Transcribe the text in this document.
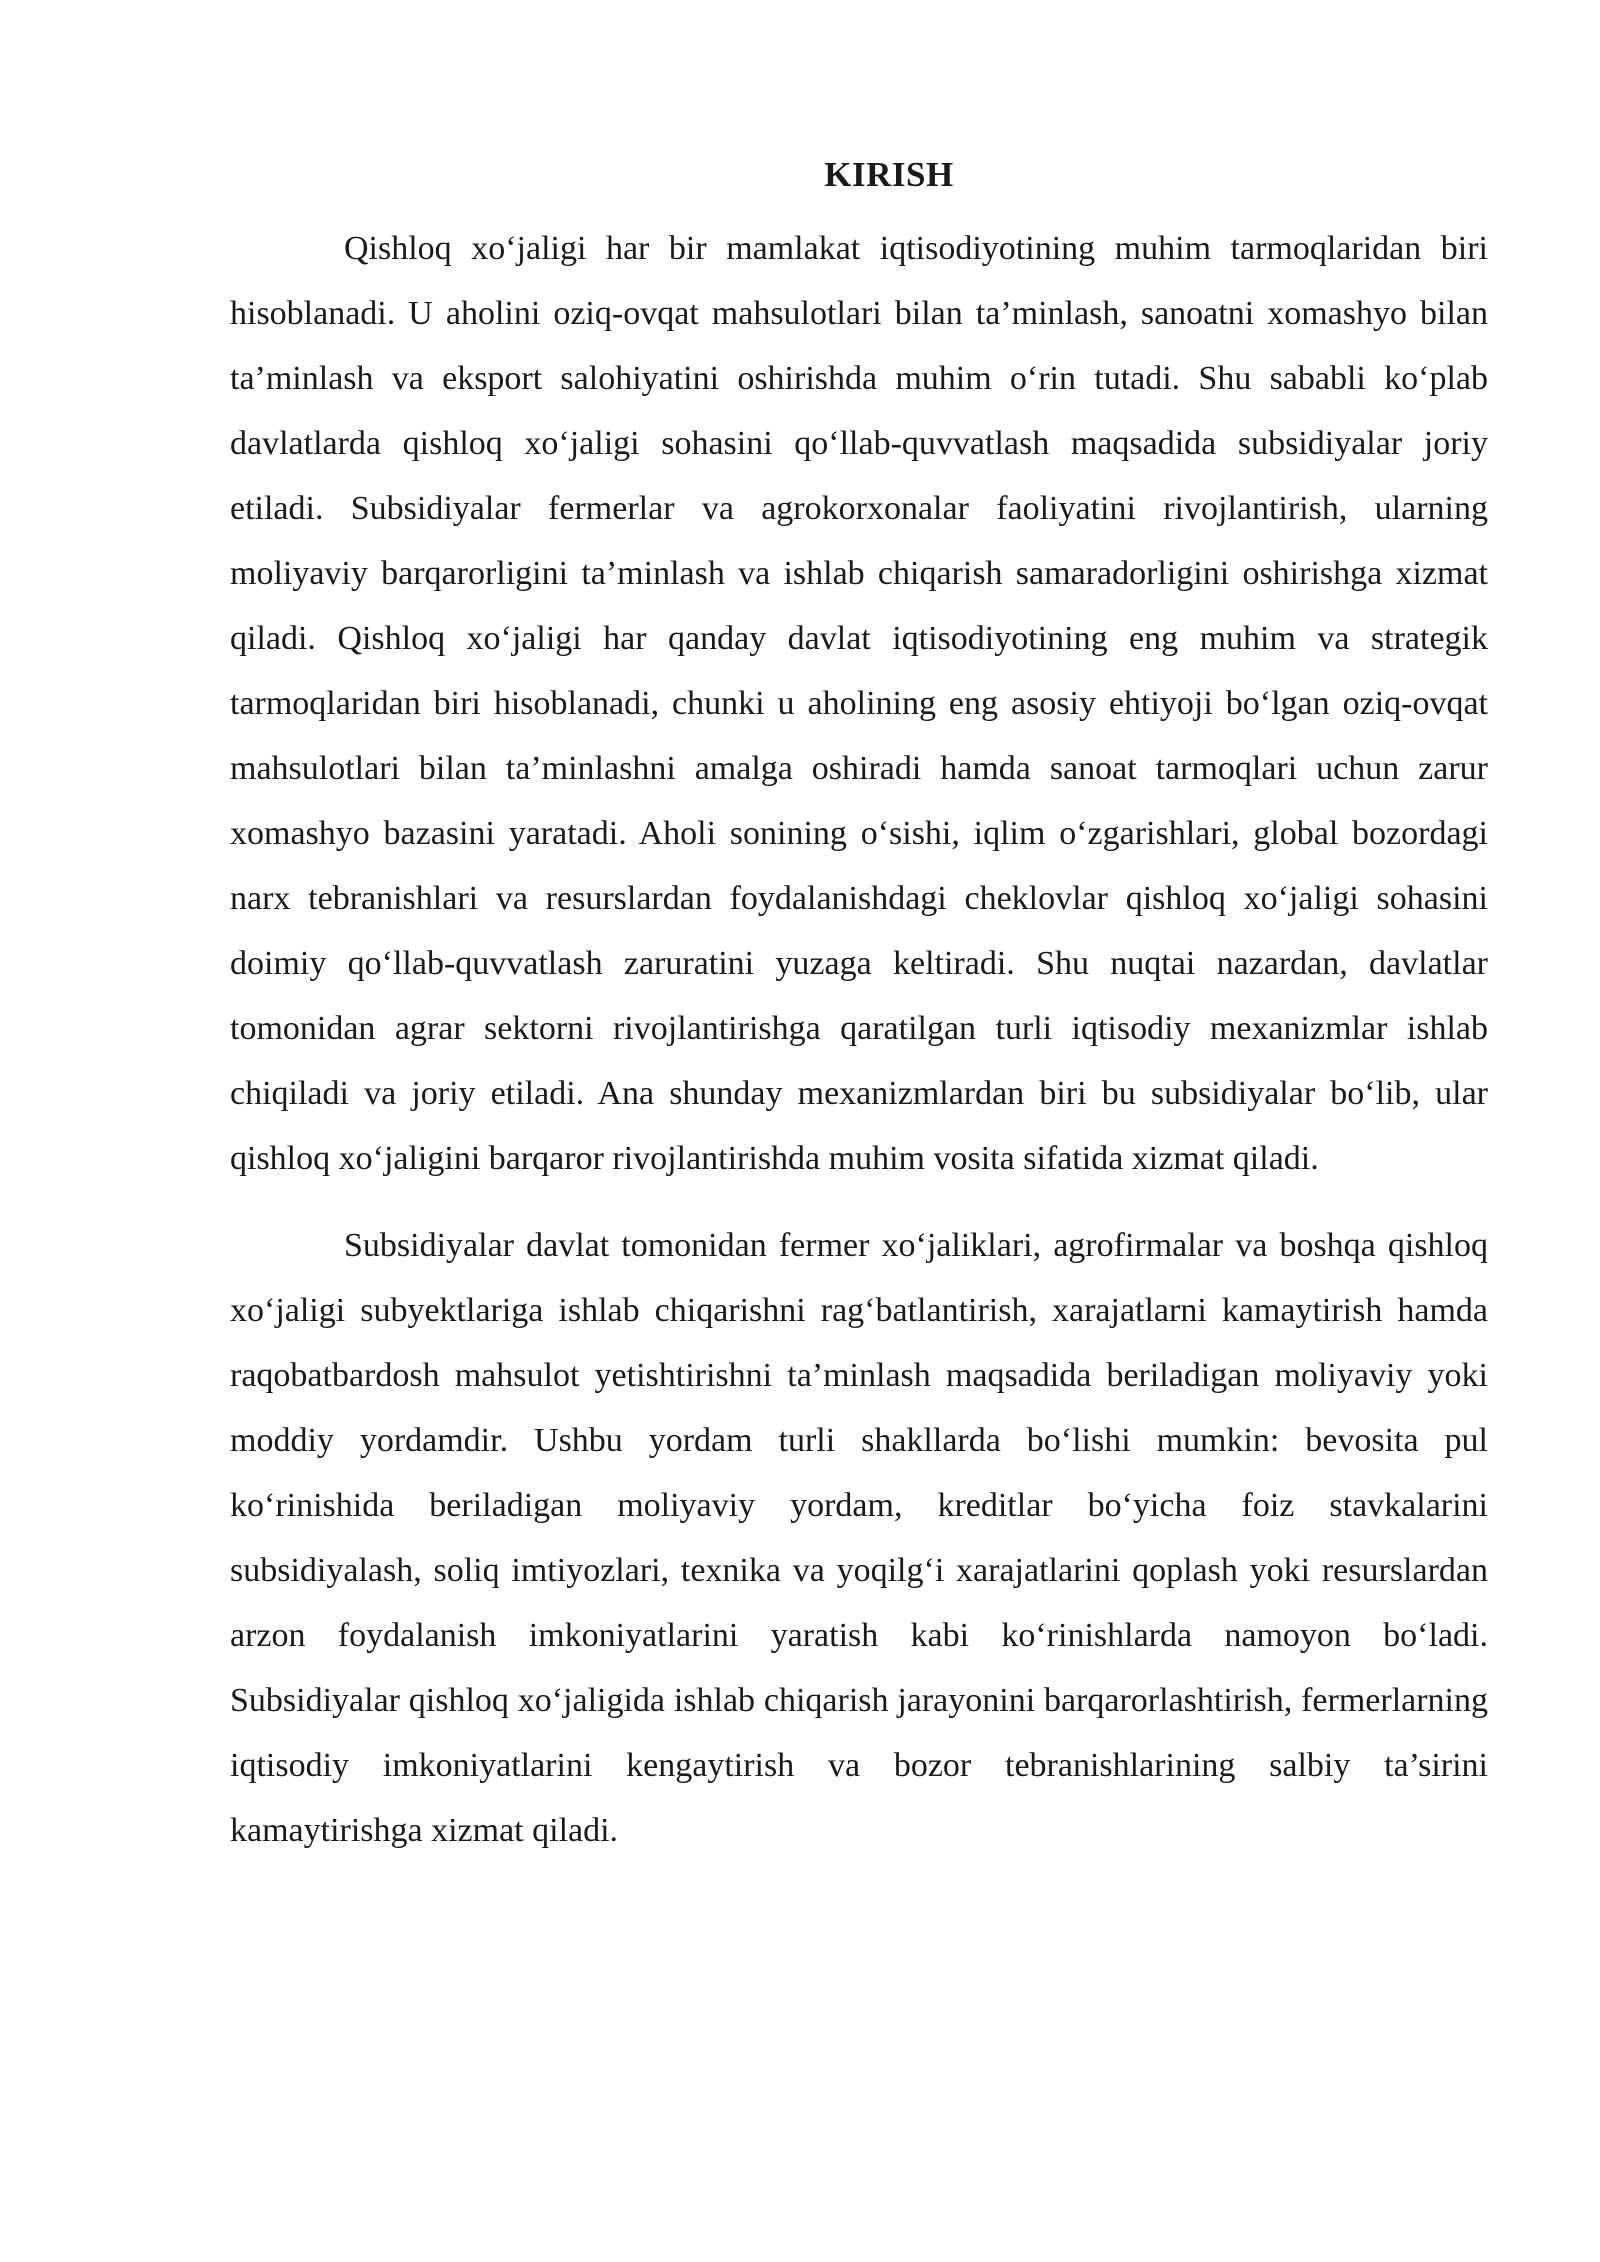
KIRISH

Qishloq xo‘jaligi har bir mamlakat iqtisodiyotining muhim tarmoqlaridan biri hisoblanadi. U aholini oziq-ovqat mahsulotlari bilan ta’minlash, sanoatni xomashyo bilan ta’minlash va eksport salohiyatini oshirishda muhim o‘rin tutadi. Shu sababli ko‘plab davlatlarda qishloq xo‘jaligi sohasini qo‘llab-quvvatlash maqsadida subsidiyalar joriy etiladi. Subsidiyalar fermerlar va agrokorxonalar faoliyatini rivojlantirish, ularning moliyaviy barqarorligini ta’minlash va ishlab chiqarish samaradorligini oshirishga xizmat qiladi. Qishloq xo‘jaligi har qanday davlat iqtisodiyotining eng muhim va strategik tarmoqlaridan biri hisoblanadi, chunki u aholining eng asosiy ehtiyoji bo‘lgan oziq-ovqat mahsulotlari bilan ta’minlashni amalga oshiradi hamda sanoat tarmoqlari uchun zarur xomashyo bazasini yaratadi. Aholi sonining o‘sishi, iqlim o‘zgarishlari, global bozordagi narx tebranishlari va resurslardan foydalanishdagi cheklovlar qishloq xo‘jaligi sohasini doimiy qo‘llab-quvvatlash zaruratini yuzaga keltiradi. Shu nuqtai nazardan, davlatlar tomonidan agrar sektorni rivojlantirishga qaratilgan turli iqtisodiy mexanizmlar ishlab chiqiladi va joriy etiladi. Ana shunday mexanizmlardan biri bu subsidiyalar bo‘lib, ular qishloq xo‘jaligini barqaror rivojlantirishda muhim vosita sifatida xizmat qiladi.

Subsidiyalar davlat tomonidan fermer xo‘jaliklari, agrofirmalar va boshqa qishloq xo‘jaligi subyektlariga ishlab chiqarishni rag‘batlantirish, xarajatlarni kamaytirish hamda raqobatbardosh mahsulot yetishtirishni ta’minlash maqsadida beriladigan moliyaviy yoki moddiy yordamdir. Ushbu yordam turli shakllarda bo‘lishi mumkin: bevosita pul ko‘rinishida beriladigan moliyaviy yordam, kreditlar bo‘yicha foiz stavkalarini subsidiyalash, soliq imtiyozlari, texnika va yoqilg‘i xarajatlarini qoplash yoki resurslardan arzon foydalanish imkoniyatlarini yaratish kabi ko‘rinishlarda namoyon bo‘ladi. Subsidiyalar qishloq xo‘jaligida ishlab chiqarish jarayonini barqarorlashtirish, fermerlarning iqtisodiy imkoniyatlarini kengaytirish va bozor tebranishlarining salbiy ta’sirini kamaytirishga xizmat qiladi.
